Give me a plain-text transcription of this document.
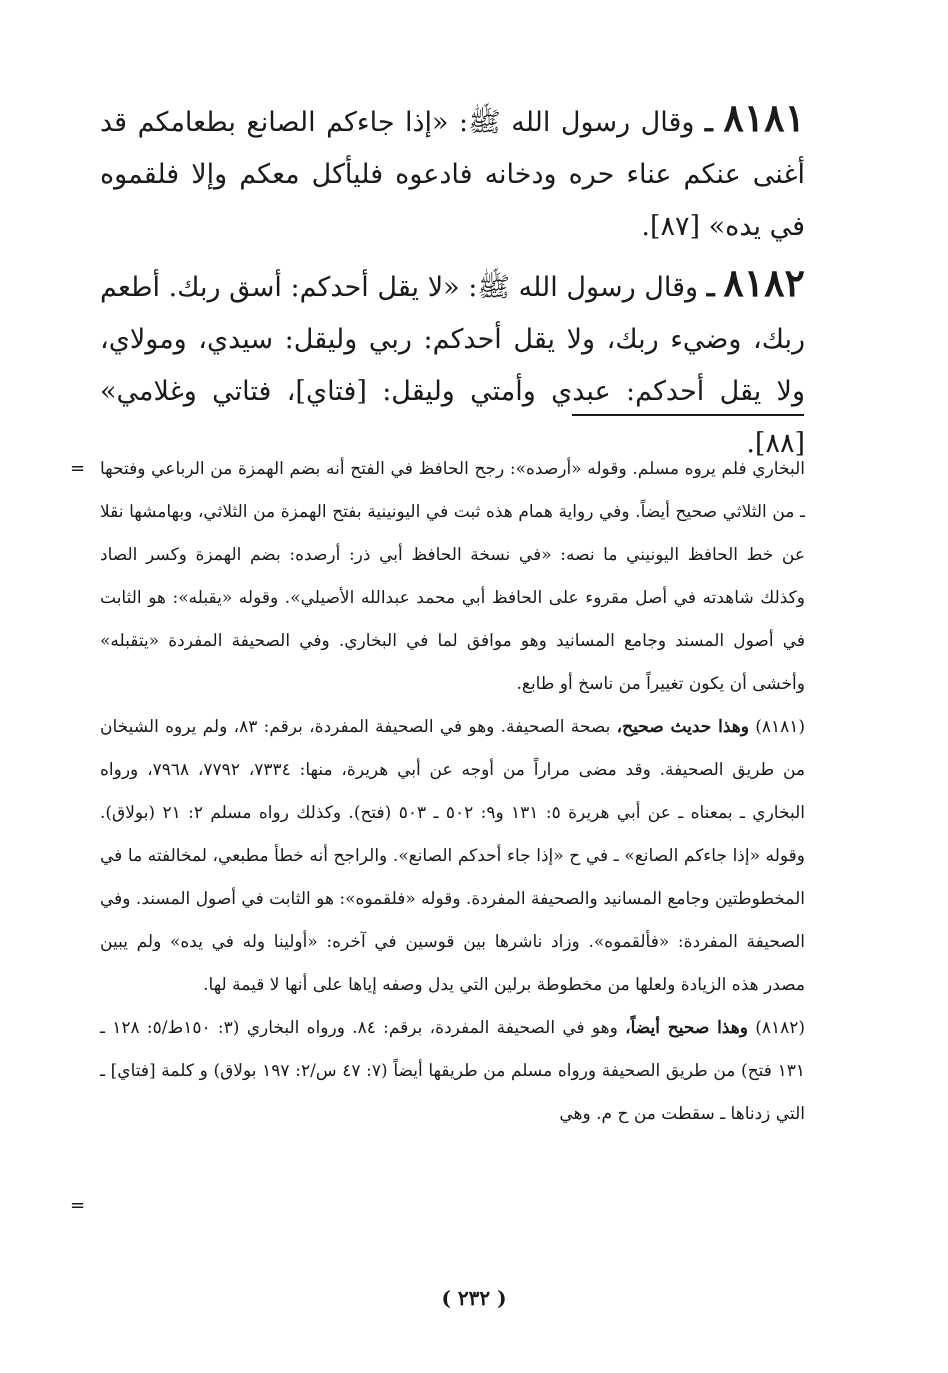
٨١٨١ ـ وقال رسول الله ﷺ: «إذا جاءكم الصانع بطعامكم قد أغنى عنكم عناء حره ودخانه فادعوه فليأكل معكم وإلا فلقموه في يده» [٨٧].

٨١٨٢ ـ وقال رسول الله ﷺ: «لا يقل أحدكم: أسق ربك. أطعم ربك، وضيء ربك، ولا يقل أحدكم: ربي وليقل: سيدي، ومولاي، ولا يقل أحدكم: عبدي وأمتي وليقل: [فتاي]، فتاتي وغلامي» [٨٨].

= البخاري فلم يروه مسلم. وقوله «أرصده»: رجح الحافظ في الفتح أنه بضم الهمزة من الرباعي وفتحها ـ من الثلاثي صحيح أيضاً. وفي رواية همام هذه ثبت في اليونينية بفتح الهمزة من الثلاثي، وبهامشها نقلا عن خط الحافظ اليونيني ما نصه: «في نسخة الحافظ أبي ذر: أرصده: بضم الهمزة وكسر الصاد وكذلك شاهدته في أصل مقروء على الحافظ أبي محمد عبدالله الأصيلي». وقوله «يقبله»: هو الثابت في أصول المسند وجامع المسانيد وهو موافق لما في البخاري. وفي الصحيفة المفردة «يتقبله» وأخشى أن يكون تغييراً من ناسخ أو طابع.

(٨١٨١) وهذا حديث صحيح، بصحة الصحيفة. وهو في الصحيفة المفردة، برقم: ٨٣، ولم يروه الشيخان من طريق الصحيفة. وقد مضى مراراً من أوجه عن أبي هريرة، منها: ٧٣٣٤، ٧٧٩٢، ٧٩٦٨، ورواه البخاري ـ بمعناه ـ عن أبي هريرة ٥: ١٣١ و٩: ٥٠٢ ـ ٥٠٣ (فتح). وكذلك رواه مسلم ٢: ٢١ (بولاق). وقوله «إذا جاءكم الصانع» ـ في ح «إذا جاء أحدكم الصانع». والراجح أنه خطأ مطبعي، لمخالفته ما في المخطوطتين وجامع المسانيد والصحيفة المفردة. وقوله «فلقموه»: هو الثابت في أصول المسند. وفي الصحيفة المفردة: «فألقموه». وزاد ناشرها بين قوسين في آخره: «أولينا وله في يده» ولم يبين مصدر هذه الزيادة ولعلها من مخطوطة برلين التي يدل وصفه إياها على أنها لا قيمة لها.

(٨١٨٢) وهذا صحيح أيضاً، وهو في الصحيفة المفردة، برقم: ٨٤. ورواه البخاري (٣: ١٥٠ط/٥: ١٢٨ ـ ١٣١ فتح) من طريق الصحيفة ورواه مسلم من طريقها أيضاً (٧: ٤٧ س/٢: ١٩٧ بولاق) و كلمة [فتاي] ـ التي زدناها ـ سقطت من ح م. وهي

=
( ٢٣٢ )
